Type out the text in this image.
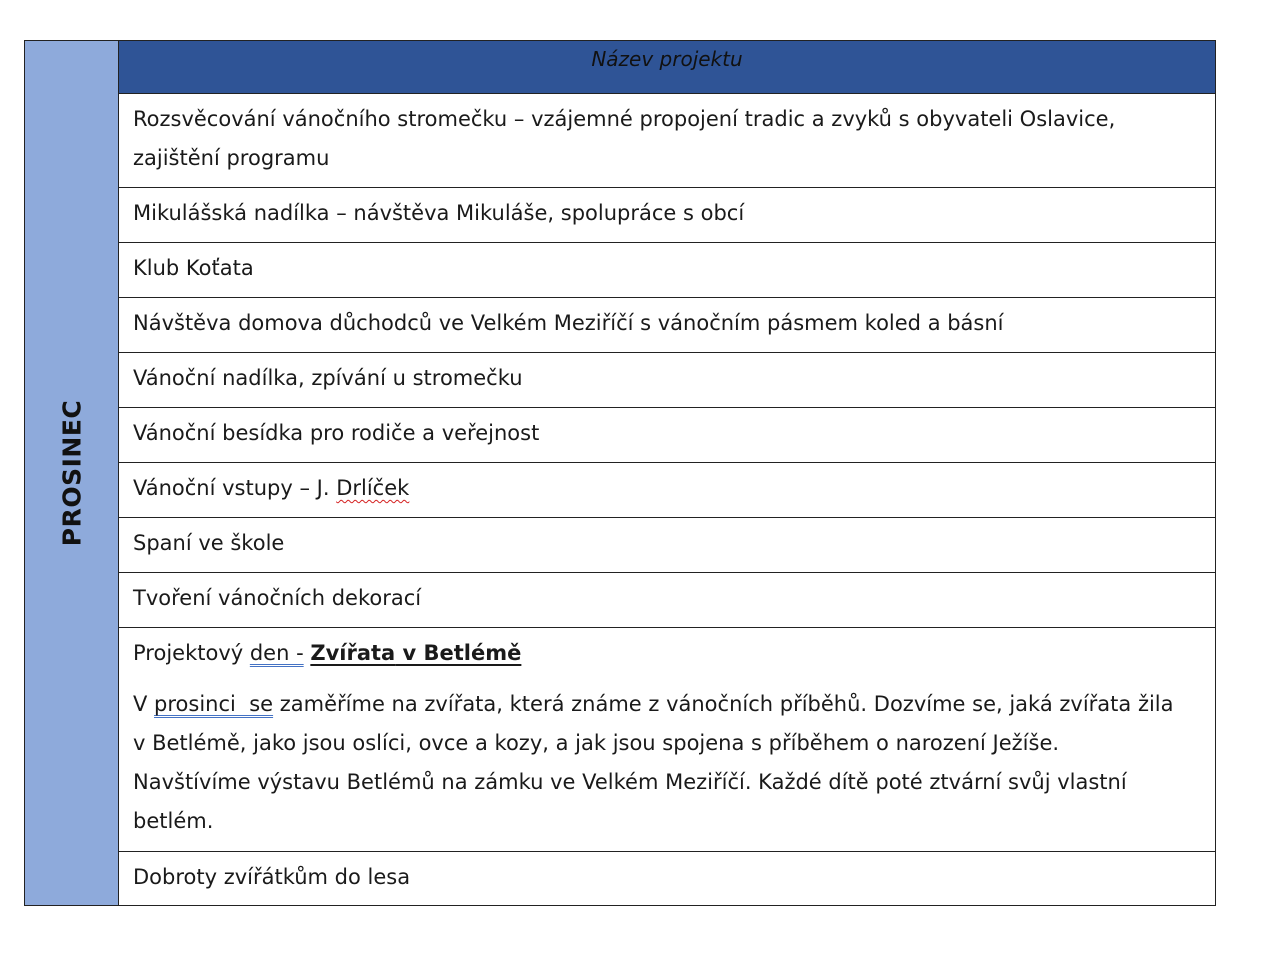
PROSINEC
Název projektu

Rozsvěcování vánočního stromečku – vzájemné propojení tradic a zvyků s obyvateli Oslavice,

zajištění programu

Mikulášská nadílka – návštěva Mikuláše, spolupráce s obcí

Klub Koťata

Návštěva domova důchodců ve Velkém Meziříčí s vánočním pásmem koled a básní

Vánoční nadílka, zpívání u stromečku

Vánoční besídka pro rodiče a veřejnost

Vánoční vstupy – J. Drlíček

Spaní ve škole

Tvoření vánočních dekorací

Projektový den - Zvířata v Betlémě

V prosinci  se zaměříme na zvířata, která známe z vánočních příběhů. Dozvíme se, jaká zvířata žila

v Betlémě, jako jsou oslíci, ovce a kozy, a jak jsou spojena s příběhem o narození Ježíše.

Navštívíme výstavu Betlémů na zámku ve Velkém Meziříčí. Každé dítě poté ztvární svůj vlastní

betlém.

Dobroty zvířátkům do lesa
